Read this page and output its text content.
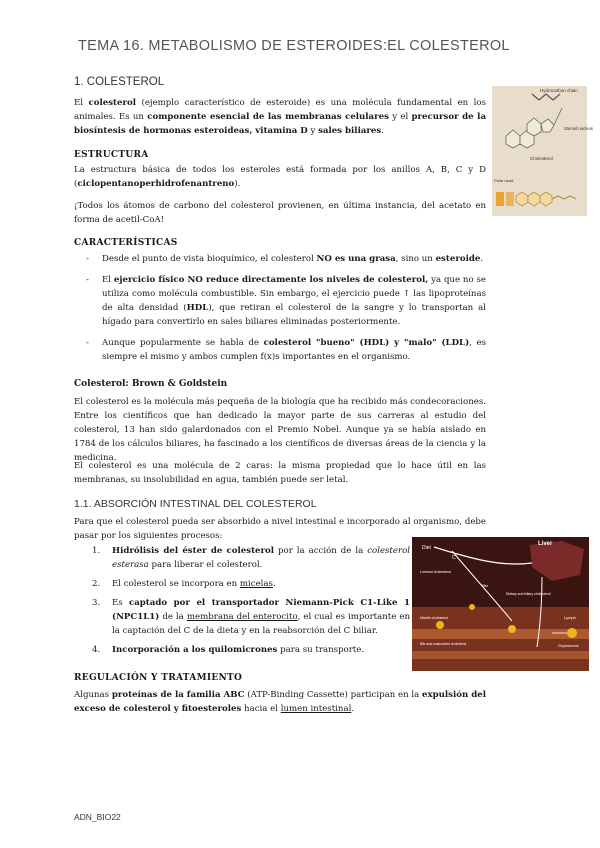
TEMA 16. METABOLISMO DE ESTEROIDES:EL COLESTEROL
1. COLESTEROL
El colesterol (ejemplo característico de esteroide) es una molécula fundamental en los animales. Es un componente esencial de las membranas celulares y el precursor de la biosíntesis de hormonas esteroideas, vitamina D y sales biliares.
ESTRUCTURA
La estructura básica de todos los esteroles está formada por los anillos A, B, C y D (ciclopentanoperhidrofenantreno).
¡Todos los átomos de carbono del colesterol provienen, en última instancia, del acetato en forma de acetil-CoA!
CARACTERÍSTICAS
- Desde el punto de vista bioquímico, el colesterol NO es una grasa, sino un esteroide.
- El ejercicio físico NO reduce directamente los niveles de colesterol, ya que no se utiliza como molécula combustible. Sin embargo, el ejercicio puede ↑ las lipoproteínas de alta densidad (HDL), que retiran el colesterol de la sangre y lo transportan al hígado para convertirlo en sales biliares eliminadas posteriormente.
- Aunque popularmente se habla de colesterol "bueno" (HDL) y "malo" (LDL), es siempre el mismo y ambos cumplen f(x)s importantes en el organismo.
Colesterol: Brown & Goldstein
El colesterol es la molécula más pequeña de la biología que ha recibido más condecoraciones. Entre los científicos que han dedicado la mayor parte de sus carreras al estudio del colesterol, 13 han sido galardonados con el Premio Nobel. Aunque ya se había aislado en 1784 de los cálculos biliares, ha fascinado a los científicos de diversas áreas de la ciencia y la medicina.
El colesterol es una molécula de 2 caras: la misma propiedad que lo hace útil en las membranas, su insolubilidad en agua, también puede ser letal.
1.1. ABSORCIÓN INTESTINAL DEL COLESTEROL
Para que el colesterol pueda ser absorbido a nivel intestinal e incorporado al organismo, debe pasar por los siguientes procesos:
1. Hidrólisis del éster de colesterol por la acción de la colesterol esterasa para liberar el colesterol.
2. El colesterol se incorpora en micelas.
3. Es captado por el transportador Niemann-Pick C1-Like 1 (NPC1L1) de la membrana del enterocito, el cual es importante en la captación del C de la dieta y en la reabsorción del C biliar.
4. Incorporación a los quilomicrones para su transporte.
REGULACIÓN Y TRATAMIENTO
Algunas proteínas de la familia ABC (ATP-Binding Cassette) participan en la expulsión del exceso de colesterol y fitoesteroles hacia el lumen intestinal.
Hydrocarbon chain
Steroid nucleus
Cholesterol
Polar head
Diet
Liver
C
Luminal cholesterol
Bile
Dietary and biliary cholesterol
Micelle cholesterol
Bile-acid unabsorbed cholesterol
Lymph
Chylomicrons
ADN_BIO22
